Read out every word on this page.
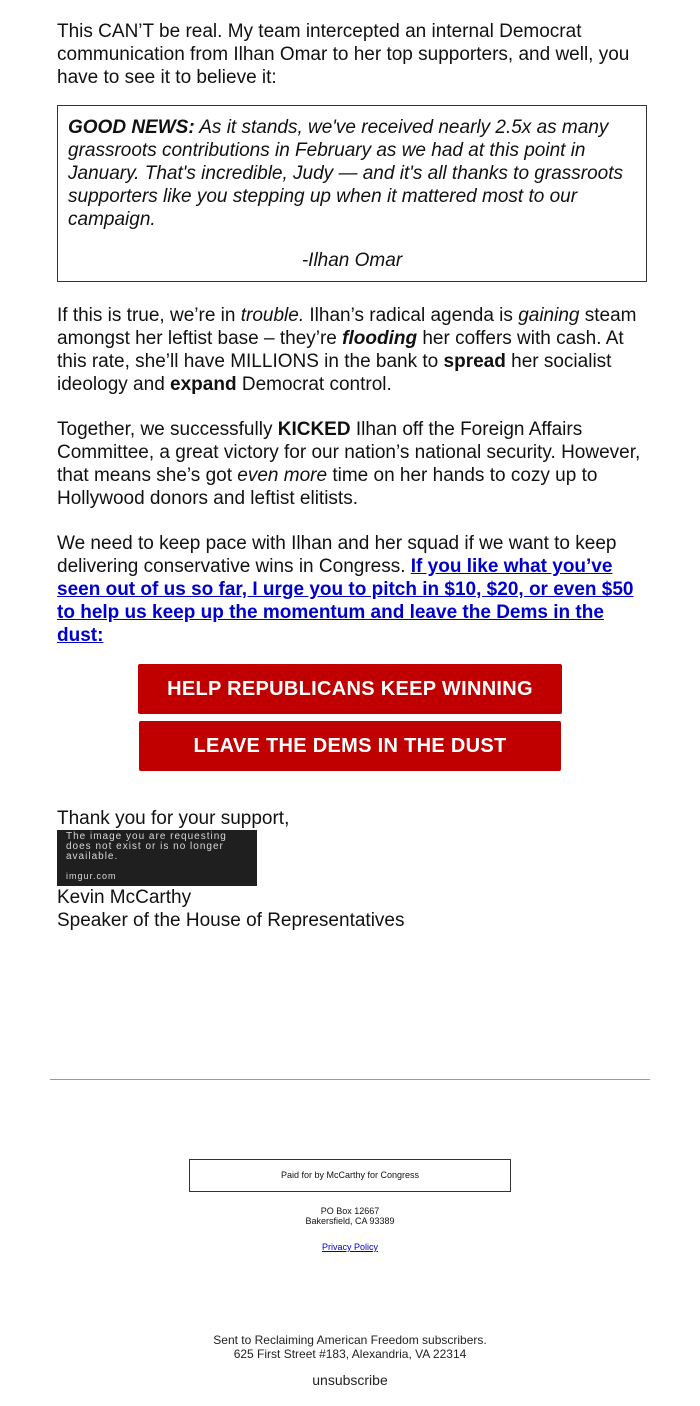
This CAN’T be real. My team intercepted an internal Democrat communication from Ilhan Omar to her top supporters, and well, you have to see it to believe it:

GOOD NEWS: As it stands, we've received nearly 2.5x as many grassroots contributions in February as we had at this point in January. That's incredible, Judy — and it's all thanks to grassroots supporters like you stepping up when it mattered most to our campaign.

-Ilhan Omar

If this is true, we’re in trouble. Ilhan’s radical agenda is gaining steam amongst her leftist base – they’re flooding her coffers with cash. At this rate, she’ll have MILLIONS in the bank to spread her socialist ideology and expand Democrat control.

Together, we successfully KICKED Ilhan off the Foreign Affairs Committee, a great victory for our nation’s national security. However, that means she’s got even more time on her hands to cozy up to Hollywood donors and leftist elitists.

We need to keep pace with Ilhan and her squad if we want to keep delivering conservative wins in Congress. If you like what you’ve seen out of us so far, I urge you to pitch in $10, $20, or even $50 to help us keep up the momentum and leave the Dems in the dust:

HELP REPUBLICANS KEEP WINNING
LEAVE THE DEMS IN THE DUST
Thank you for your support,
The image you are requesting does not exist or is no longer available.
imgur.com
Kevin McCarthy
Speaker of the House of Representatives
Paid for by McCarthy for Congress
PO Box 12667
Bakersfield, CA 93389
Privacy Policy
Sent to Reclaiming American Freedom subscribers.
625 First Street #183, Alexandria, VA 22314
unsubscribe
